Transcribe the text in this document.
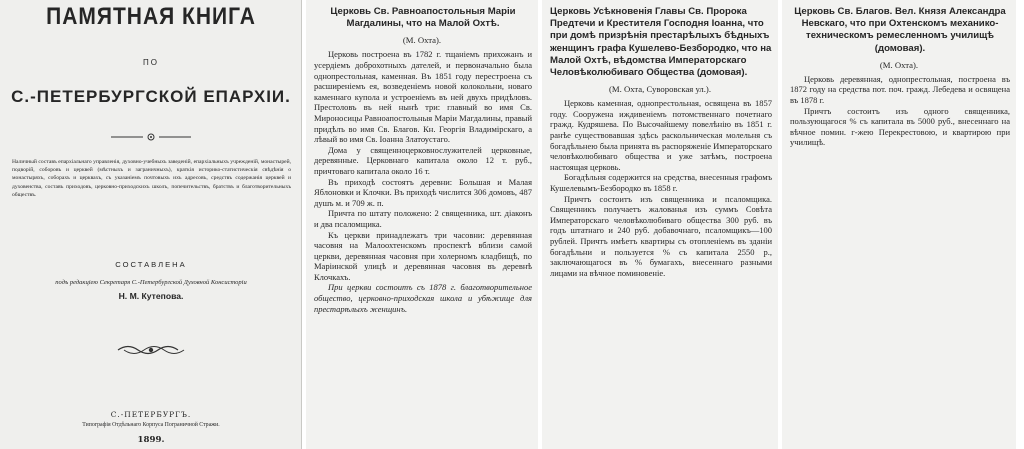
ПАМЯТНАЯ КНИГА
ПО
С.-ПЕТЕРБУРГСКОЙ ЕПАРХІИ.
Наличный составъ епархіальнаго управленія, духовно-учебныхъ заведеній, епархіальныхъ учрежденій, монастырей, подворій, соборовъ и церквей (мѣстныхъ и заграничныхъ), краткія историко-статистическія свѣдѣнія о монастыряхъ, соборахъ и церквахъ, съ указаніемъ почтовыхъ ихъ адресовъ, средствъ содержанія церквей и духовенства, составъ приходовъ, церковно-приходскихъ школъ, попечительствъ, братствъ и благотворительныхъ обществъ.
СОСТАВЛЕНА
подъ редакціею Секретаря С.-Петербургской Духовной Консисторіи
Н. М. Кутепова.
С.-ПЕТЕРБУРГЪ.
Типографія Отдѣльнаго Корпуса Пограничной Стражи.
1899.
Церковь Св. Равноапостольныя Маріи Магдалины, что на Малой Охтѣ.
(М. Охта).

Церковь построена въ 1782 г. тщаніемъ прихожанъ и усердіемъ доброхотныхъ дателей, и первоначально была однопрестольная, каменная. Въ 1851 году перестроена съ расширеніемъ ея, возведеніемъ новой колокольни, новаго каменнаго купола и устроеніемъ въ ней двухъ придѣловъ. Престоловъ въ ней нынѣ три: главный во имя Св. Мироносицы Равноапостольныя Маріи Магдалины, правый придѣлъ во имя Св. Благов. Кн. Георгія Владимірскаго, а лѣвый во имя Св. Іоанна Златоустаго.

Дома у священноцерковнослужителей церковные, деревянные. Церковнаго капитала около 12 т. руб., причтоваго капитала около 16 т.

Въ приходѣ состоятъ деревни: Большая и Малая Яблоновки и Клочки. Въ приходѣ числится 306 домовъ, 487 душъ м. и 709 ж. п.

Причта по штату положено: 2 священника, шт. діаконъ и два псаломщика.

Къ церкви принадлежатъ три часовни: деревянная часовня на Малоохтенскомъ проспектѣ вблизи самой церкви, деревянная часовня при холерномъ кладбищѣ, по Маріинской улицѣ и деревянная часовня въ деревнѣ Клочкахъ.

При церкви состоитъ съ 1878 г. благотворительное общество, церковно-приходская школа и убѣжище для престарѣлыхъ женщинъ.

Церковь Усѣкновенія Главы Св. Пророка Предтечи и Крестителя Господня Іоанна, что при домѣ призрѣнія престарѣлыхъ бѣдныхъ женщинъ графа Кушелево-Безбородко, что на Малой Охтѣ, вѣдомства Императорскаго Человѣколюбиваго Общества (домовая).
(М. Охта, Суворовская ул.).

Церковь каменная, однопрестольная, освящена въ 1857 году. Сооружена иждивеніемъ потомственнаго почетнаго гражд. Кудряшева. По Высочайшему повелѣнію въ 1851 г. ранѣе существовавшая здѣсь раскольническая молельня съ богадѣльнею была принята въ распоряженіе Императорскаго человѣколюбиваго общества и уже затѣмъ, построена настоящая церковь.

Богадѣльня содержится на средства, внесенныя графомъ Кушелевымъ-Безбородко въ 1858 г.

Причтъ состоитъ изъ священника и псаломщика. Священникъ получаетъ жалованья изъ суммъ Совѣта Императорскаго человѣколюбиваго общества 300 руб. въ годъ штатнаго и 240 руб. добавочнаго, псаломщикъ—100 рублей. Причтъ имѣетъ квартиры съ отопленіемъ въ зданіи богадѣльни и пользуется % съ капитала 2550 р., заключающагося въ % бумагахъ, внесеннаго разными лицами на вѣчное поминовеніе.

Церковь Св. Благов. Вел. Князя Александра Невскаго, что при Охтенскомъ механико-техническомъ ремесленномъ училищѣ (домовая).
(М. Охта).

Церковь деревянная, однопрестольная, построена въ 1872 году на средства пот. поч. гражд. Лебедева и освящена въ 1878 г.

Причтъ состоитъ изъ одного священника, пользующагося % съ капитала въ 5000 руб., внесеннаго на вѣчное помин. г-жею Перекрестовою, и квартирою при училищѣ.
